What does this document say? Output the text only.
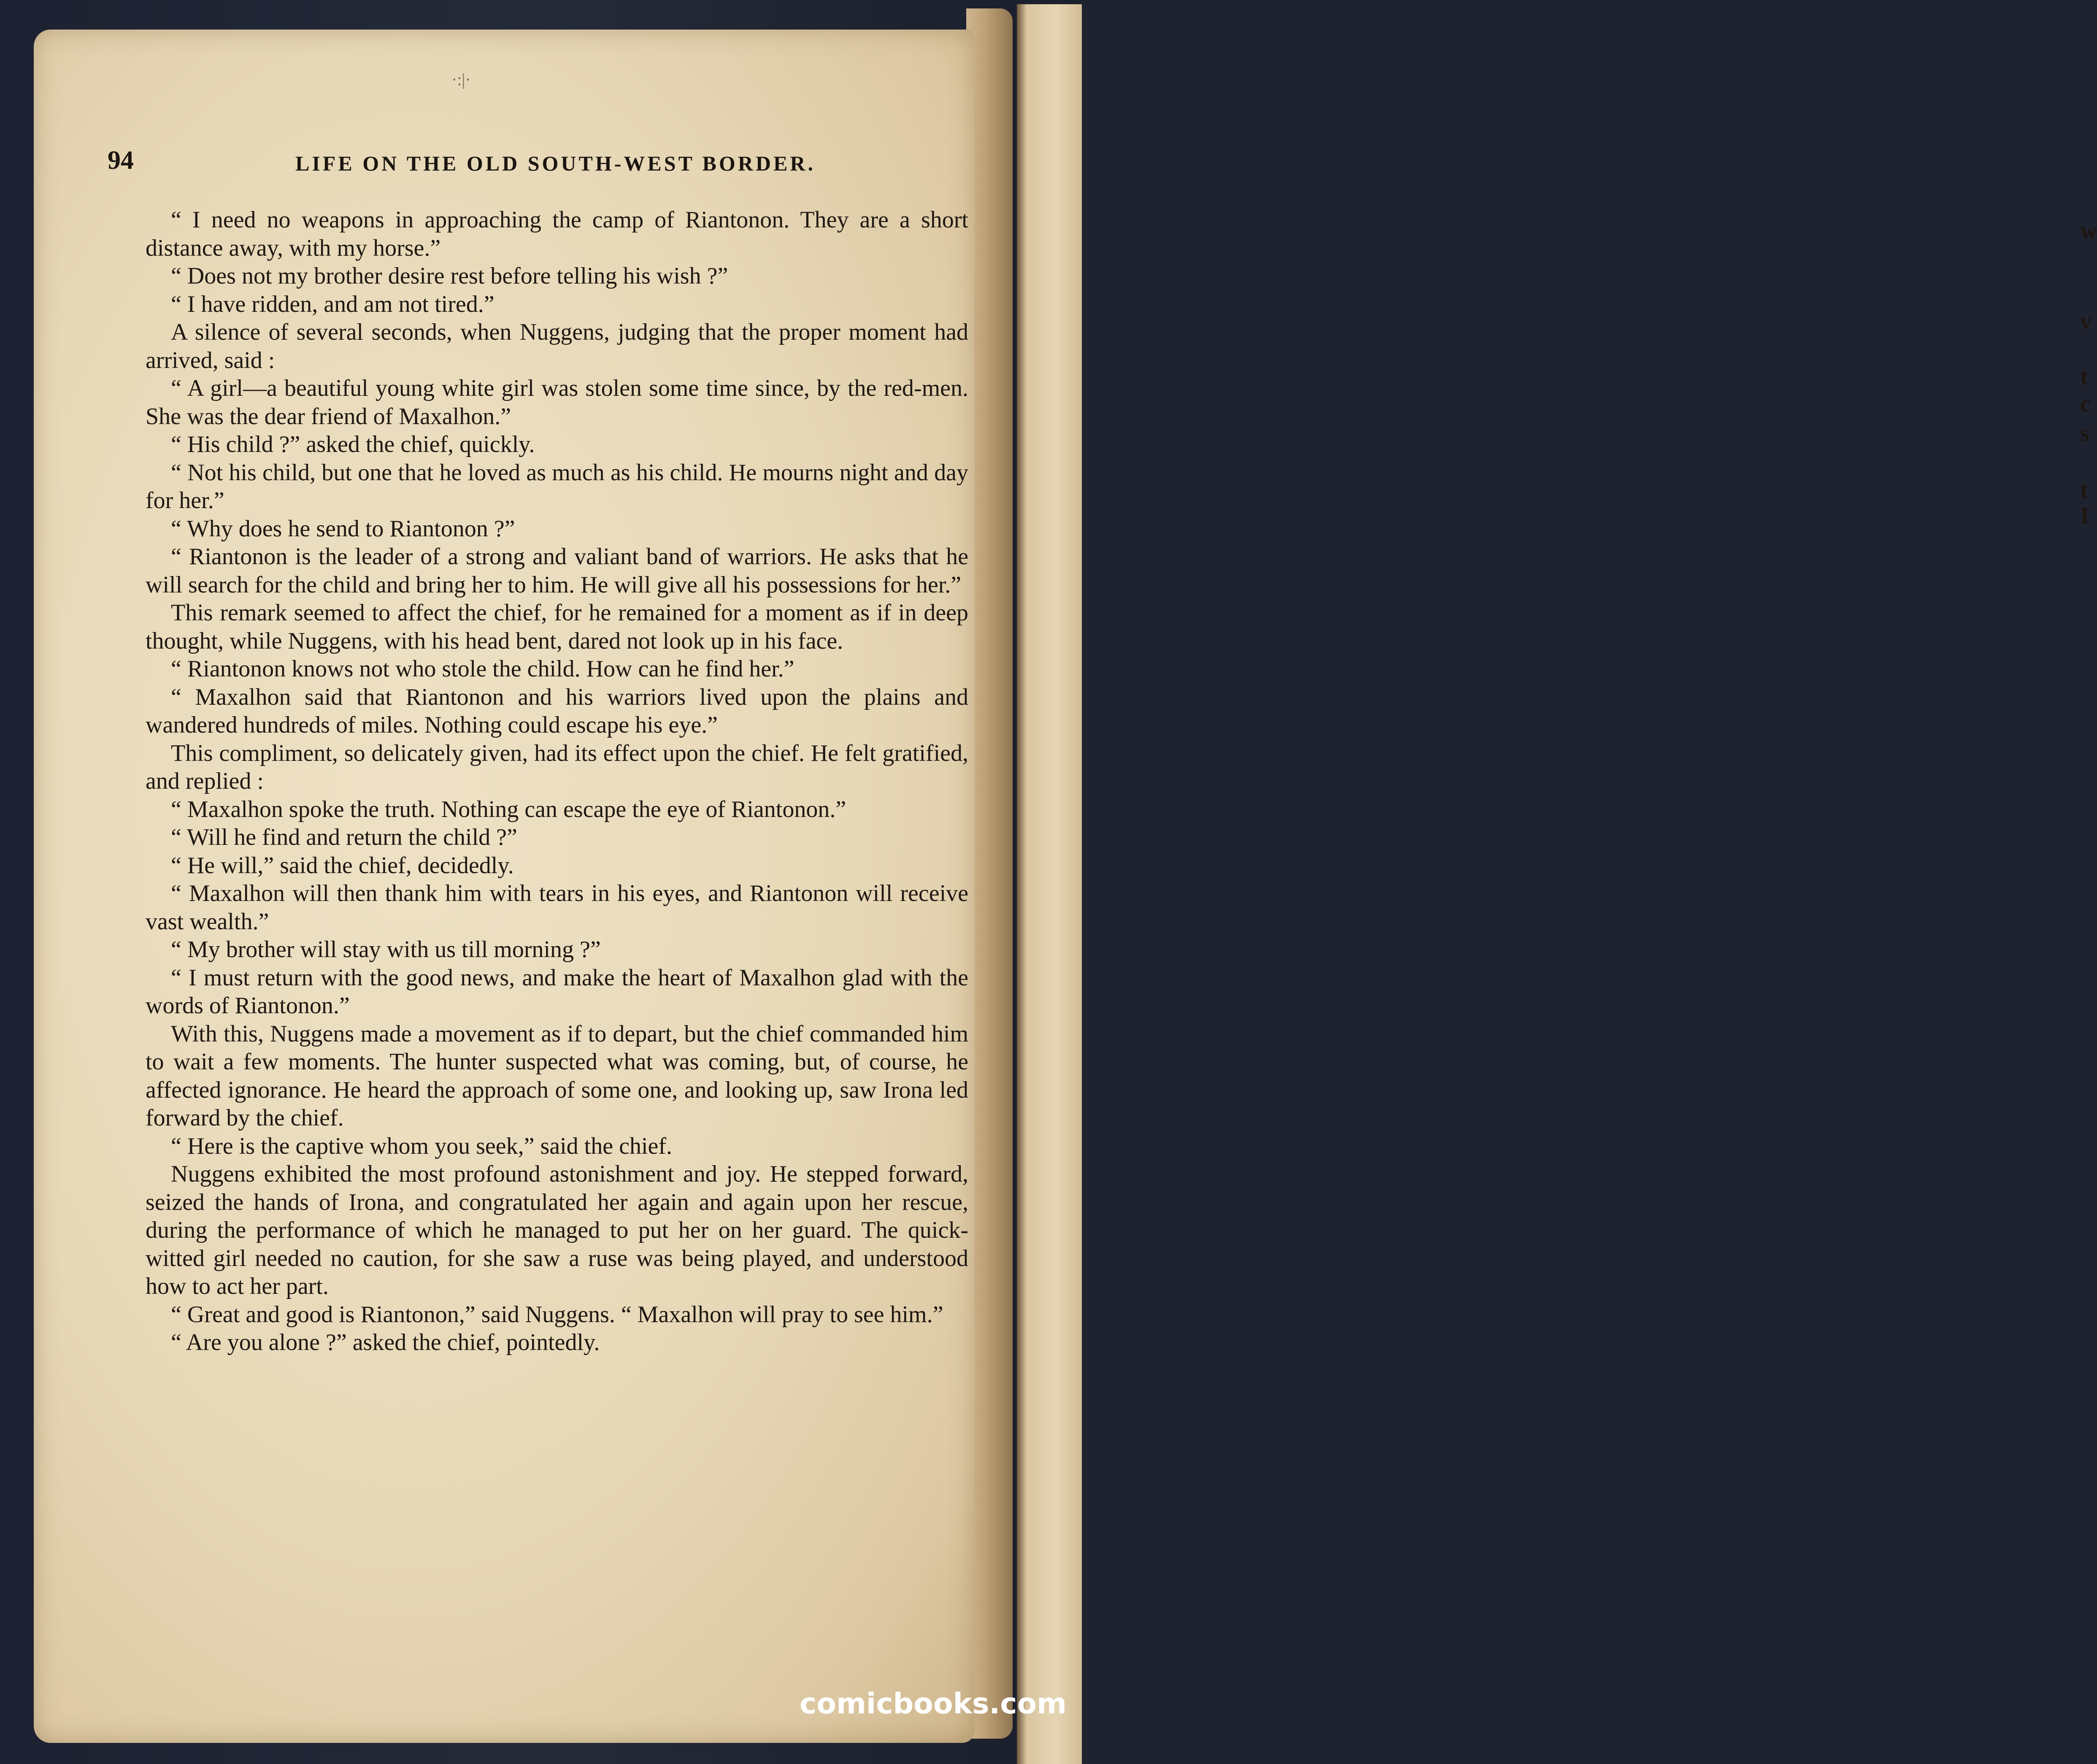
w
v
t
c
s
t
I
·:|·
94	LIFE ON THE OLD SOUTH-WEST BORDER.

“ I need no weapons in approaching the camp of Riantonon. They are a short distance away, with my horse.”

“ Does not my brother desire rest before telling his wish ?”

“ I have ridden, and am not tired.”

A silence of several seconds, when Nuggens, judging that the proper moment had arrived, said :

“ A girl—a beautiful young white girl was stolen some time since, by the red-men. She was the dear friend of Maxalhon.”

“ His child ?” asked the chief, quickly.

“ Not his child, but one that he loved as much as his child. He mourns night and day for her.”

“ Why does he send to Riantonon ?”

“ Riantonon is the leader of a strong and valiant band of warriors. He asks that he will search for the child and bring her to him. He will give all his possessions for her.”

This remark seemed to affect the chief, for he remained for a moment as if in deep thought, while Nuggens, with his head bent, dared not look up in his face.

“ Riantonon knows not who stole the child. How can he find her.”

“ Maxalhon said that Riantonon and his warriors lived upon the plains and wandered hundreds of miles. Nothing could escape his eye.”

This compliment, so delicately given, had its effect upon the chief. He felt gratified, and replied :

“ Maxalhon spoke the truth. Nothing can escape the eye of Riantonon.”

“ Will he find and return the child ?”

“ He will,” said the chief, decidedly.

“ Maxalhon will then thank him with tears in his eyes, and Riantonon will receive vast wealth.”

“ My brother will stay with us till morning ?”

“ I must return with the good news, and make the heart of Maxalhon glad with the words of Riantonon.”

With this, Nuggens made a movement as if to depart, but the chief commanded him to wait a few moments. The hunter suspected what was coming, but, of course, he affected ignorance. He heard the approach of some one, and looking up, saw Irona led forward by the chief.

“ Here is the captive whom you seek,” said the chief.

Nuggens exhibited the most profound astonishment and joy. He stepped forward, seized the hands of Irona, and congratulated her again and again upon her rescue, during the performance of which he managed to put her on her guard. The quick-witted girl needed no caution, for she saw a ruse was being played, and understood how to act her part.

“ Great and good is Riantonon,” said Nuggens. “ Maxalhon will pray to see him.”

“ Are you alone ?” asked the chief, pointedly.

comicbooks.com
